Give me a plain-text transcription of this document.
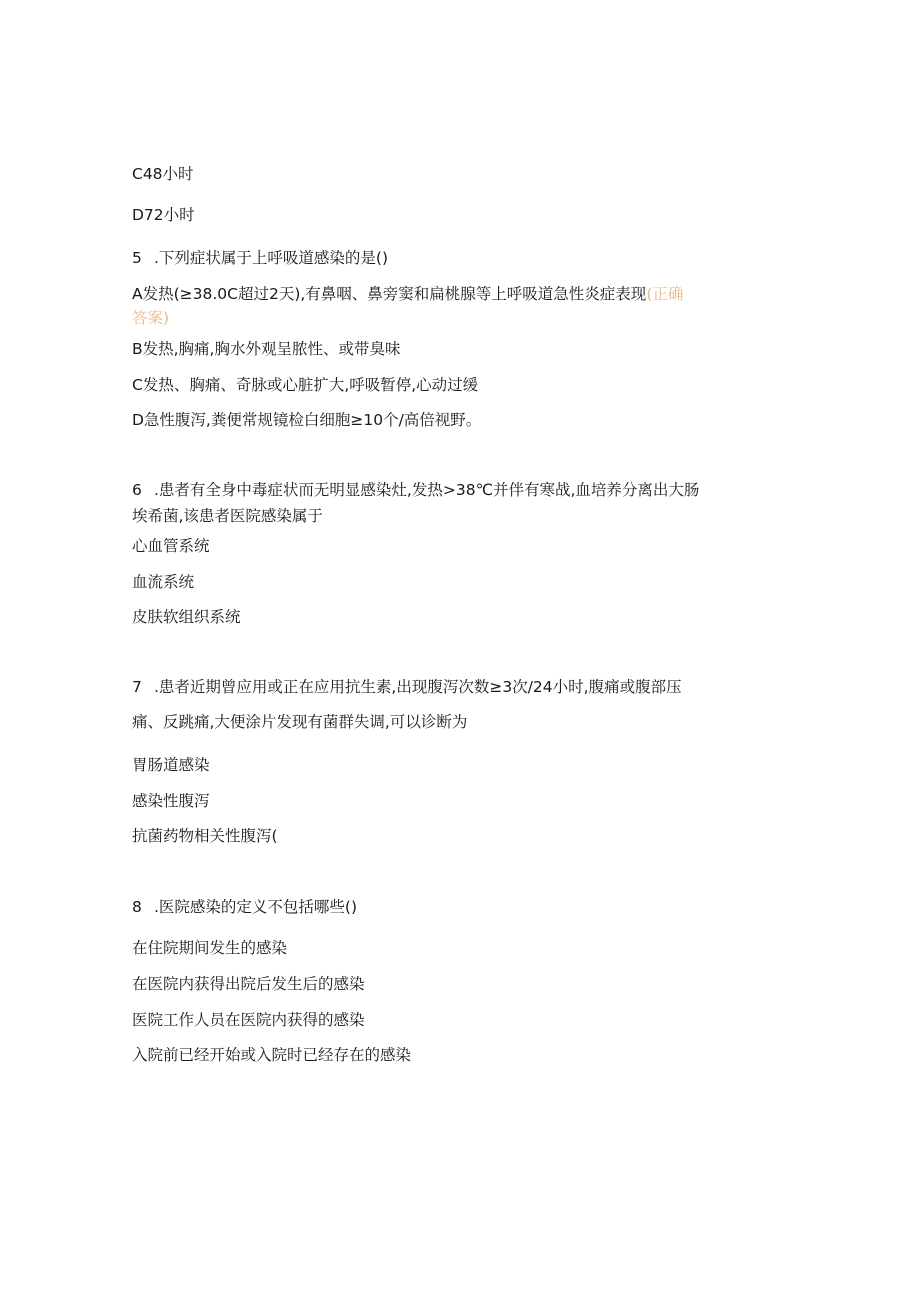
C48小时
D72小时
5 .下列症状属于上呼吸道感染的是()
A发热(≥38.0C超过2天),有鼻咽、鼻旁窦和扁桃腺等上呼吸道急性炎症表现(正确
答案)
B发热,胸痛,胸水外观呈脓性、或带臭味
C发热、胸痛、奇脉或心脏扩大,呼吸暂停,心动过缓
D急性腹泻,粪便常规镜检白细胞≥10个/高倍视野。
6 .患者有全身中毒症状而无明显感染灶,发热>38℃并伴有寒战,血培养分离出大肠
埃希菌,该患者医院感染属于
心血管系统
血流系统
皮肤软组织系统
7 .患者近期曾应用或正在应用抗生素,出现腹泻次数≥3次/24小时,腹痛或腹部压
痛、反跳痛,大便涂片发现有菌群失调,可以诊断为
胃肠道感染
感染性腹泻
抗菌药物相关性腹泻(
8 .医院感染的定义不包括哪些()
在住院期间发生的感染
在医院内获得出院后发生后的感染
医院工作人员在医院内获得的感染
入院前已经开始或入院时已经存在的感染
